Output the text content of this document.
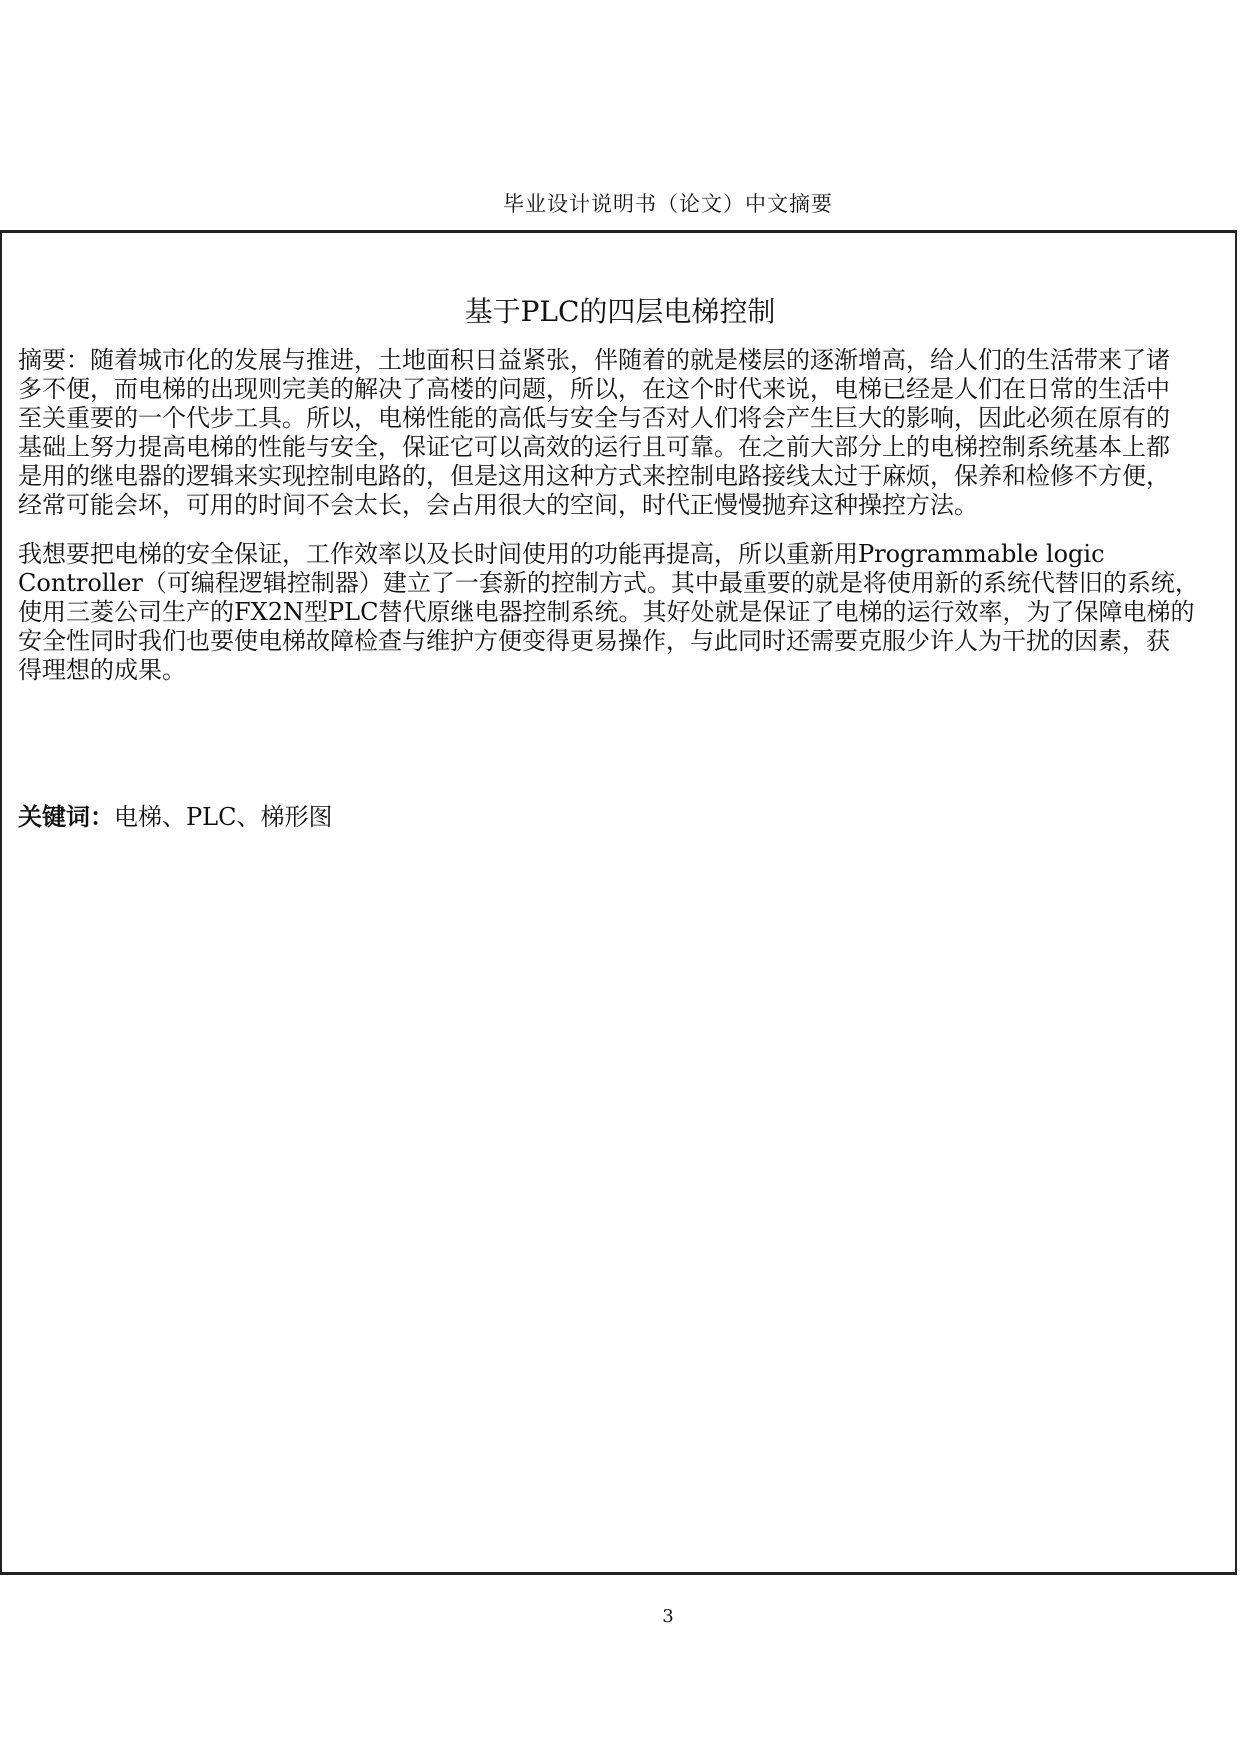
毕业设计说明书（论文）中文摘要
基于PLC的四层电梯控制
摘要：随着城市化的发展与推进，土地面积日益紧张，伴随着的就是楼层的逐渐增高，给人们的生活带来了诸
多不便，而电梯的出现则完美的解决了高楼的问题，所以，在这个时代来说，电梯已经是人们在日常的生活中
至关重要的一个代步工具。所以，电梯性能的高低与安全与否对人们将会产生巨大的影响，因此必须在原有的
基础上努力提高电梯的性能与安全，保证它可以高效的运行且可靠。在之前大部分上的电梯控制系统基本上都
是用的继电器的逻辑来实现控制电路的，但是这用这种方式来控制电路接线太过于麻烦，保养和检修不方便，
经常可能会坏，可用的时间不会太长，会占用很大的空间，时代正慢慢抛弃这种操控方法。
我想要把电梯的安全保证，工作效率以及长时间使用的功能再提高，所以重新用Programmable logic
Controller（可编程逻辑控制器）建立了一套新的控制方式。其中最重要的就是将使用新的系统代替旧的系统，
使用三菱公司生产的FX2N型PLC替代原继电器控制系统。其好处就是保证了电梯的运行效率，为了保障电梯的
安全性同时我们也要使电梯故障检查与维护方便变得更易操作，与此同时还需要克服少许人为干扰的因素，获
得理想的成果。
关键词：电梯、PLC、梯形图
3
